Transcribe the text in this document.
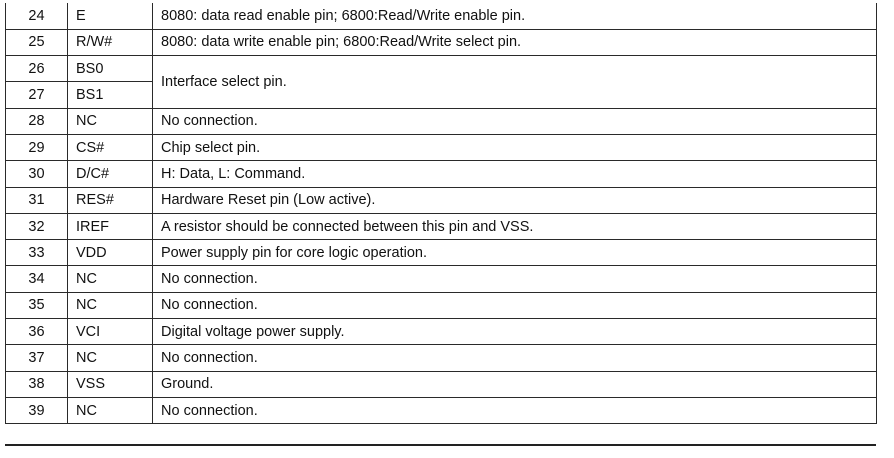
24	E	8080: data read enable pin; 6800:Read/Write enable pin.
25	R/W#	8080: data write enable pin; 6800:Read/Write select pin.
26	BS0	Interface select pin.
27	BS1	
28	NC	No connection.
29	CS#	Chip select pin.
30	D/C#	H: Data, L: Command.
31	RES#	Hardware Reset pin (Low active).
32	IREF	A resistor should be connected between this pin and VSS.
33	VDD	Power supply pin for core logic operation.
34	NC	No connection.
35	NC	No connection.
36	VCI	Digital voltage power supply.
37	NC	No connection.
38	VSS	Ground.
39	NC	No connection.
